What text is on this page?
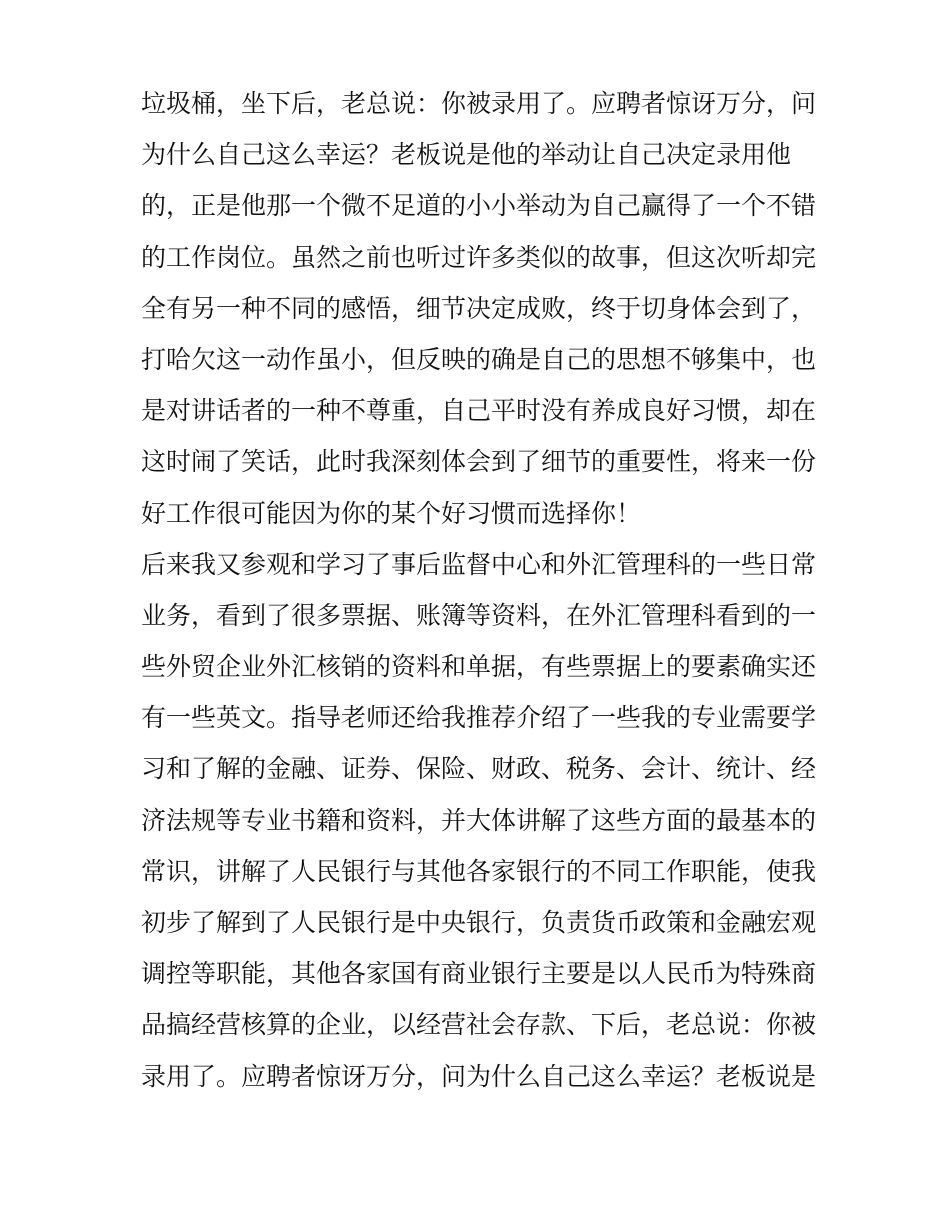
垃圾桶，坐下后，老总说：你被录用了。应聘者惊讶万分，问
为什么自己这么幸运？老板说是他的举动让自己决定录用他
的，正是他那一个微不足道的小小举动为自己赢得了一个不错
的工作岗位。虽然之前也听过许多类似的故事，但这次听却完
全有另一种不同的感悟，细节决定成败，终于切身体会到了，
打哈欠这一动作虽小，但反映的确是自己的思想不够集中，也
是对讲话者的一种不尊重，自己平时没有养成良好习惯，却在
这时闹了笑话，此时我深刻体会到了细节的重要性，将来一份
好工作很可能因为你的某个好习惯而选择你！
后来我又参观和学习了事后监督中心和外汇管理科的一些日常
业务，看到了很多票据、账簿等资料，在外汇管理科看到的一
些外贸企业外汇核销的资料和单据，有些票据上的要素确实还
有一些英文。指导老师还给我推荐介绍了一些我的专业需要学
习和了解的金融、证券、保险、财政、税务、会计、统计、经
济法规等专业书籍和资料，并大体讲解了这些方面的最基本的
常识，讲解了人民银行与其他各家银行的不同工作职能，使我
初步了解到了人民银行是中央银行，负责货币政策和金融宏观
调控等职能，其他各家国有商业银行主要是以人民币为特殊商
品搞经营核算的企业，以经营社会存款、下后，老总说：你被
录用了。应聘者惊讶万分，问为什么自己这么幸运？老板说是
